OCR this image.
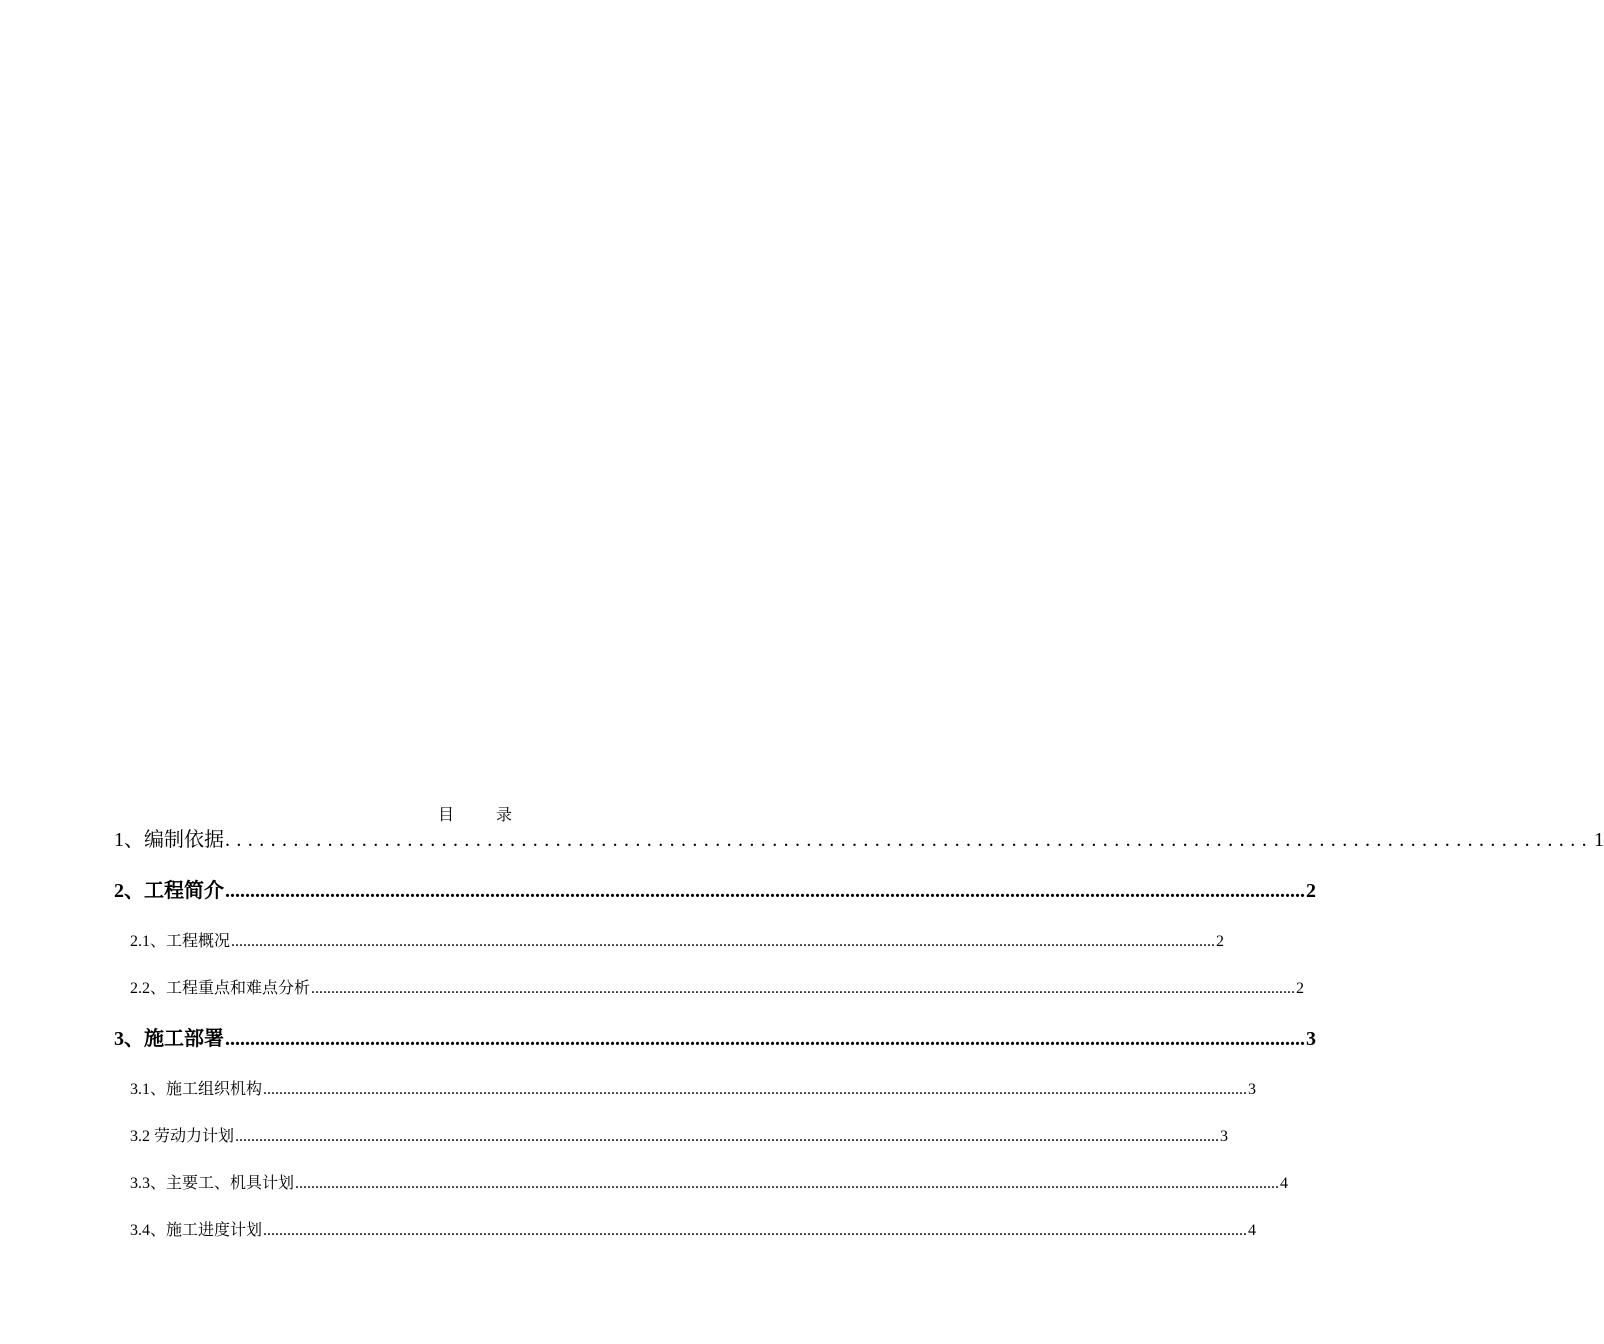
目	录
1、编制依据 ........................................................................................................................ 1
2、工程简介 ........................................................................................................................................................................................................................ 2
2.1、工程概况 ...................................................................................................................................................................................................................................................... 2
2.2、工程重点和难点分析 ...................................................................................................................................................................................................................................................... 2
3、施工部署 ........................................................................................................................................................................................................................ 3
3.1、施工组织机构 ...................................................................................................................................................................................................................................................... 3
3.2 劳动力计划 ...................................................................................................................................................................................................................................................... 3
3.3、主要工、机具计划 ...................................................................................................................................................................................................................................................... 4
3.4、施工进度计划 ...................................................................................................................................................................................................................................................... 4
